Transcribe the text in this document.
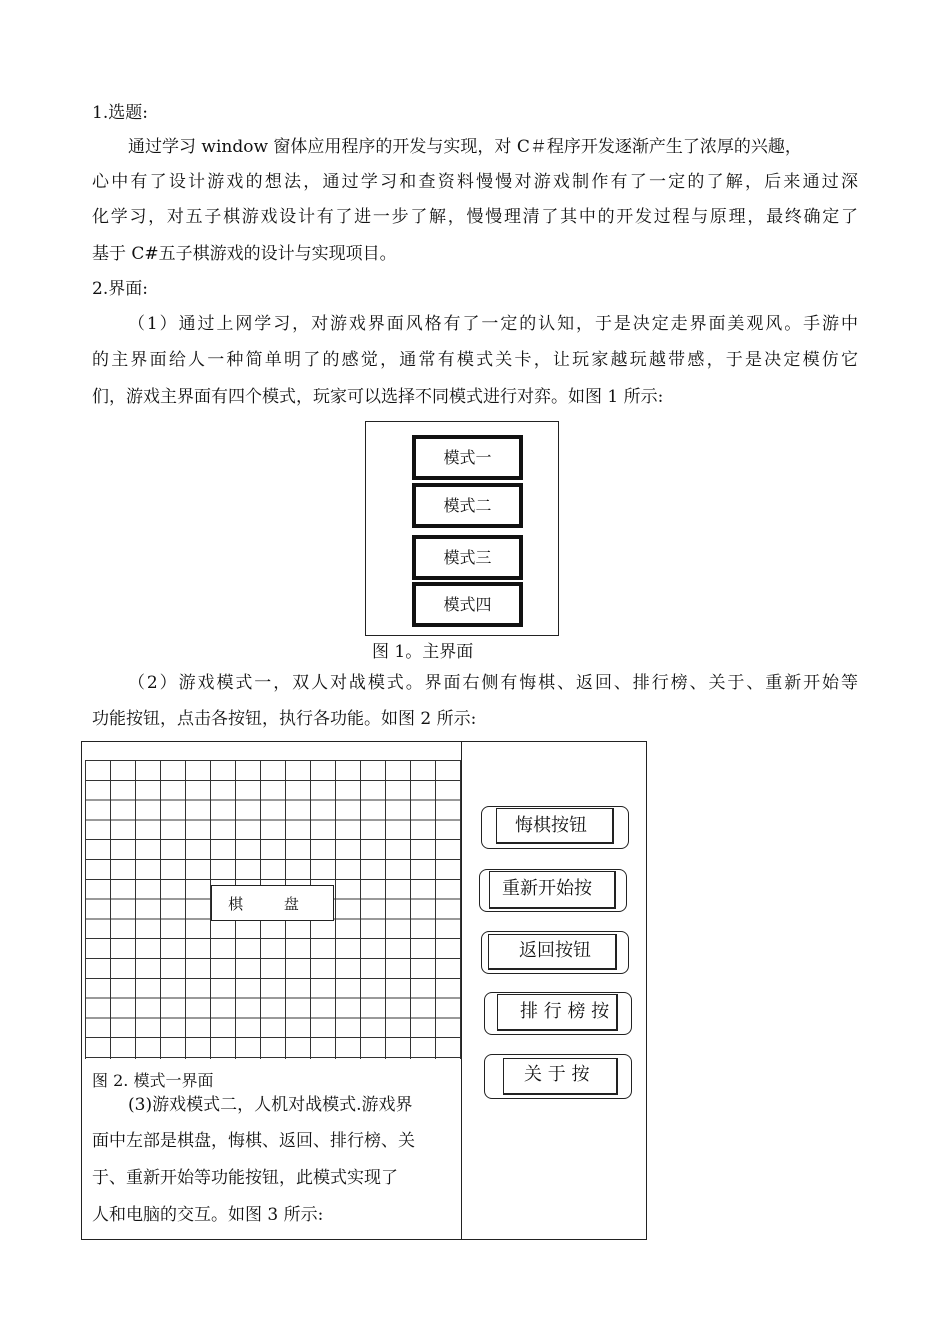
1.选题:
通过学习 window 窗体应用程序的开发与实现，对 C＃程序开发逐渐产生了浓厚的兴趣，
心中有了设计游戏的想法，通过学习和查资料慢慢对游戏制作有了一定的了解，后来通过深
化学习，对五子棋游戏设计有了进一步了解，慢慢理清了其中的开发过程与原理，最终确定了
基于 C#五子棋游戏的设计与实现项目。
2.界面:
（1）通过上网学习，对游戏界面风格有了一定的认知，于是决定走界面美观风。手游中
的主界面给人一种简单明了的感觉，通常有模式关卡，让玩家越玩越带感，于是决定模仿它
们，游戏主界面有四个模式，玩家可以选择不同模式进行对弈。如图 1 所示:
模式一
模式二
模式三
模式四
图 1。主界面
（2）游戏模式一，双人对战模式。界面右侧有悔棋、返回、排行榜、关于、重新开始等
功能按钮，点击各按钮，执行各功能。如图 2 所示:
棋 盘
图 2. 模式一界面
(3)游戏模式二，人机对战模式.游戏界
面中左部是棋盘，悔棋、返回、排行榜、关
于、重新开始等功能按钮，此模式实现了
人和电脑的交互。如图 3 所示:
悔棋按钮
重新开始按
返回按钮
排 行 榜 按
关 于 按
